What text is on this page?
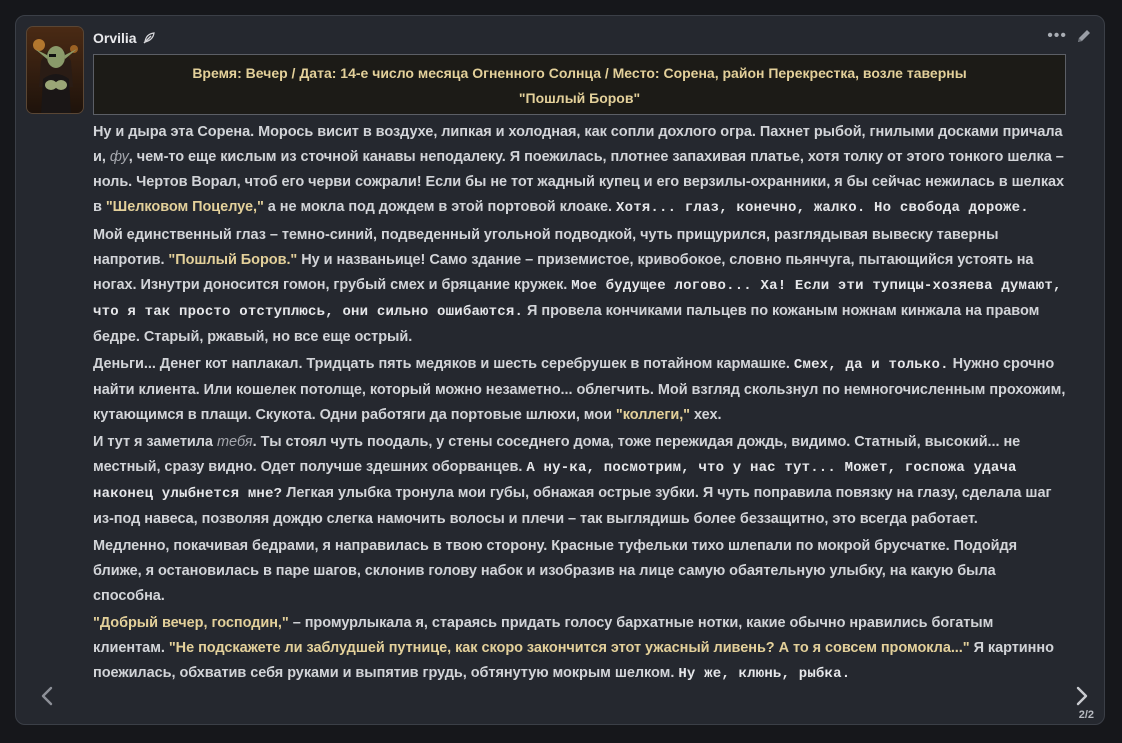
Orvilia	•••
Время: Вечер / Дата: 14-е число месяца Огненного Солнца / Место: Сорена, район Перекрестка, возле таверны
"Пошлый Боров"

Ну и дыра эта Сорена. Морось висит в воздухе, липкая и холодная, как сопли дохлого огра. Пахнет рыбой, гнилыми досками причала и, фу, чем-то еще кислым из сточной канавы неподалеку. Я поежилась, плотнее запахивая платье, хотя толку от этого тонкого шелка – ноль. Чертов Ворал, чтоб его черви сожрали! Если бы не тот жадный купец и его верзилы-охранники, я бы сейчас нежилась в шелках в "Шелковом Поцелуе," а не мокла под дождем в этой портовой клоаке. Хотя... глаз, конечно, жалко. Но свобода дороже.

Мой единственный глаз – темно-синий, подведенный угольной подводкой, чуть прищурился, разглядывая вывеску таверны напротив. "Пошлый Боров." Ну и названьице! Само здание – приземистое, кривобокое, словно пьянчуга, пытающийся устоять на ногах. Изнутри доносится гомон, грубый смех и бряцание кружек. Мое будущее логово... Ха! Если эти тупицы-хозяева думают, что я так просто отступлюсь, они сильно ошибаются. Я провела кончиками пальцев по кожаным ножнам кинжала на правом бедре. Старый, ржавый, но все еще острый.

Деньги... Денег кот наплакал. Тридцать пять медяков и шесть серебрушек в потайном кармашке. Смех, да и только. Нужно срочно найти клиента. Или кошелек потолще, который можно незаметно... облегчить. Мой взгляд скользнул по немногочисленным прохожим, кутающимся в плащи. Скукота. Одни работяги да портовые шлюхи, мои "коллеги," хех.

И тут я заметила тебя. Ты стоял чуть поодаль, у стены соседнего дома, тоже пережидая дождь, видимо. Статный, высокий... не местный, сразу видно. Одет получше здешних оборванцев. А ну-ка, посмотрим, что у нас тут... Может, госпожа удача наконец улыбнется мне? Легкая улыбка тронула мои губы, обнажая острые зубки. Я чуть поправила повязку на глазу, сделала шаг из-под навеса, позволяя дождю слегка намочить волосы и плечи – так выглядишь более беззащитно, это всегда работает.

Медленно, покачивая бедрами, я направилась в твою сторону. Красные туфельки тихо шлепали по мокрой брусчатке. Подойдя ближе, я остановилась в паре шагов, склонив голову набок и изобразив на лице самую обаятельную улыбку, на какую была способна.

"Добрый вечер, господин," – промурлыкала я, стараясь придать голосу бархатные нотки, какие обычно нравились богатым клиентам. "Не подскажете ли заблудшей путнице, как скоро закончится этот ужасный ливень? А то я совсем промокла..." Я картинно поежилась, обхватив себя руками и выпятив грудь, обтянутую мокрым шелком. Ну же, клюнь, рыбка.

2/2
